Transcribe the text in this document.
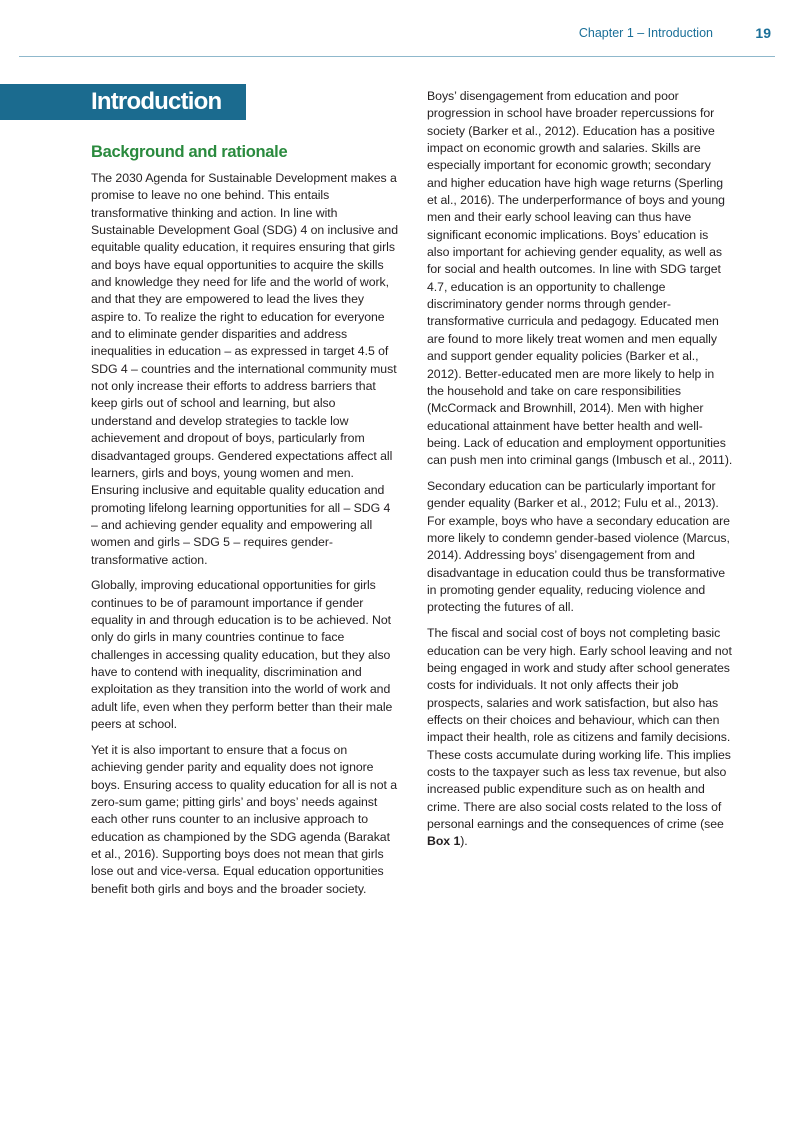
Chapter 1 – Introduction	19
Introduction
Background and rationale

The 2030 Agenda for Sustainable Development makes a promise to leave no one behind. This entails transformative thinking and action. In line with Sustainable Development Goal (SDG) 4 on inclusive and equitable quality education, it requires ensuring that girls and boys have equal opportunities to acquire the skills and knowledge they need for life and the world of work, and that they are empowered to lead the lives they aspire to. To realize the right to education for everyone and to eliminate gender disparities and address inequalities in education – as expressed in target 4.5 of SDG 4 – countries and the international community must not only increase their efforts to address barriers that keep girls out of school and learning, but also understand and develop strategies to tackle low achievement and dropout of boys, particularly from disadvantaged groups. Gendered expectations affect all learners, girls and boys, young women and men. Ensuring inclusive and equitable quality education and promoting lifelong learning opportunities for all – SDG 4 – and achieving gender equality and empowering all women and girls – SDG 5 – requires gender-transformative action.

Globally, improving educational opportunities for girls continues to be of paramount importance if gender equality in and through education is to be achieved. Not only do girls in many countries continue to face challenges in accessing quality education, but they also have to contend with inequality, discrimination and exploitation as they transition into the world of work and adult life, even when they perform better than their male peers at school.

Yet it is also important to ensure that a focus on achieving gender parity and equality does not ignore boys. Ensuring access to quality education for all is not a zero-sum game; pitting girls’ and boys’ needs against each other runs counter to an inclusive approach to education as championed by the SDG agenda (Barakat et al., 2016). Supporting boys does not mean that girls lose out and vice-versa. Equal education opportunities benefit both girls and boys and the broader society.

Boys’ disengagement from education and poor progression in school have broader repercussions for society (Barker et al., 2012). Education has a positive impact on economic growth and salaries. Skills are especially important for economic growth; secondary and higher education have high wage returns (Sperling et al., 2016). The underperformance of boys and young men and their early school leaving can thus have significant economic implications. Boys’ education is also important for achieving gender equality, as well as for social and health outcomes. In line with SDG target 4.7, education is an opportunity to challenge discriminatory gender norms through gender-transformative curricula and pedagogy. Educated men are found to more likely treat women and men equally and support gender equality policies (Barker et al., 2012). Better-educated men are more likely to help in the household and take on care responsibilities (McCormack and Brownhill, 2014). Men with higher educational attainment have better health and well-being. Lack of education and employment opportunities can push men into criminal gangs (Imbusch et al., 2011).

Secondary education can be particularly important for gender equality (Barker et al., 2012; Fulu et al., 2013). For example, boys who have a secondary education are more likely to condemn gender-based violence (Marcus, 2014). Addressing boys’ disengagement from and disadvantage in education could thus be transformative in promoting gender equality, reducing violence and protecting the futures of all.

The fiscal and social cost of boys not completing basic education can be very high. Early school leaving and not being engaged in work and study after school generates costs for individuals. It not only affects their job prospects, salaries and work satisfaction, but also has effects on their choices and behaviour, which can then impact their health, role as citizens and family decisions. These costs accumulate during working life. This implies costs to the taxpayer such as less tax revenue, but also increased public expenditure such as on health and crime. There are also social costs related to the loss of personal earnings and the consequences of crime (see Box 1).
